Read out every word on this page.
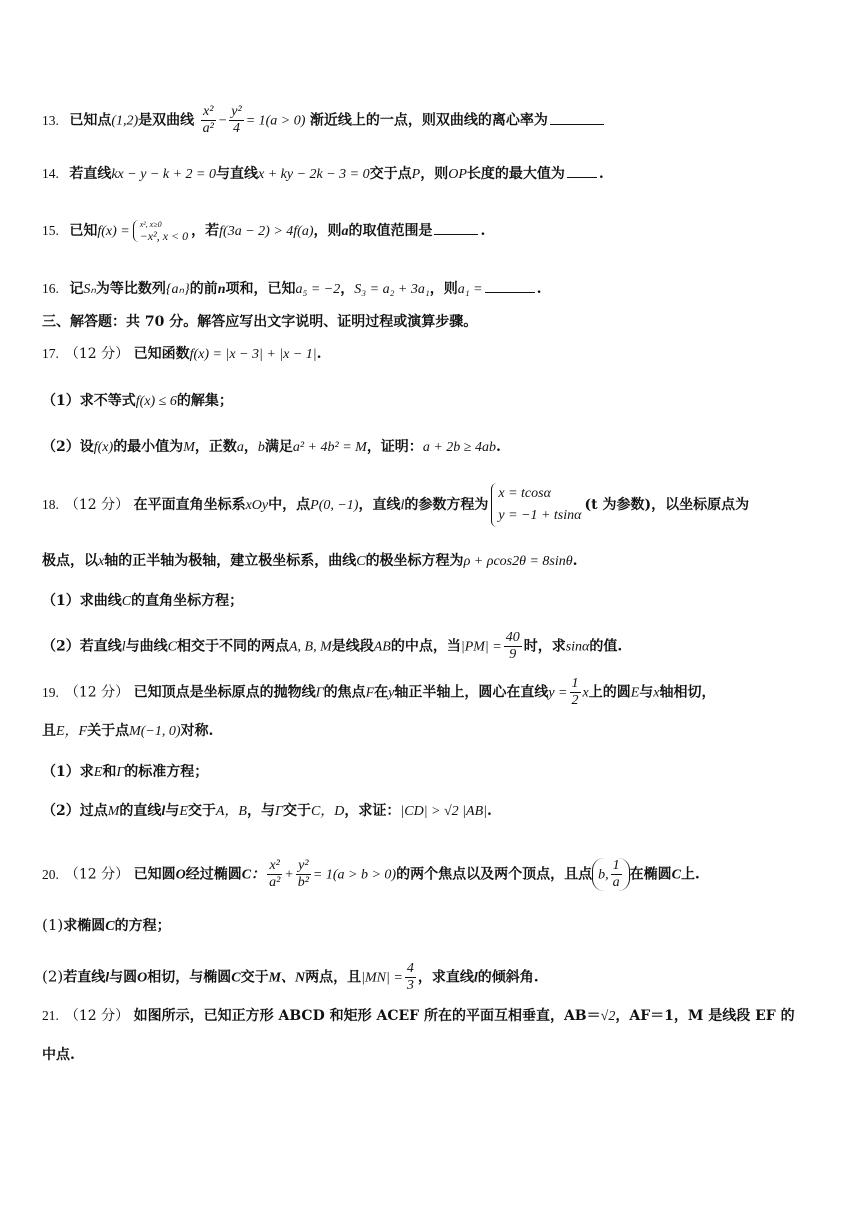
13. 已知点(1,2)是双曲线 $\frac{\text{x²}}{\text{a²}} - \frac{\text{y²}}{4} = 1(a > 0)$ 渐近线上的一点，则双曲线的离心率为
14. 若直线kx − y − k + 2 = 0与直线x + ky − 2k − 3 = 0交于点P，则OP长度的最大值为 .
15. 已知f(x) = x², x≥0
−x², x < 0 ，若f(3a − 2) > 4f(a)，则a的取值范围是	.
16. 记Sₙ为等比数列{aₙ}的前n项和，已知a₅ = −2，S₃ = a₂ + 3a₁，则a₁ =	.
三、解答题：共 70 分。解答应写出文字说明、证明过程或演算步骤。
17. （12 分） 已知函数f(x) = |x − 3| + |x − 1|.
（1）求不等式f(x) ≤ 6的解集；
（2）设f(x)的最小值为M，正数a，b满足a² + 4b² = M，证明：a + 2b ≥ 4ab.
18. （12 分） 在平面直角坐标系xOy中，点P(0, −1)，直线l的参数方程为
x = tcosα
y = −1 + tsinα
(t 为参数)，以坐标原点为
极点，以x轴的正半轴为极轴，建立极坐标系，曲线C的极坐标方程为ρ + ρcos2θ = 8sinθ.
（1）求曲线C的直角坐标方程；
（2）若直线l与曲线C相交于不同的两点A, B, M是线段AB的中点，当$|PM| = \frac{40}{9}$ 时，求sinα的值.
19. （12 分） 已知顶点是坐标原点的抛物线Γ的焦点F在y轴正半轴上，圆心在直线$y = \frac{1}{2}$ x上的圆E与x轴相切，
且E，F关于点M(−1, 0)对称.
（1）求E和Γ的标准方程；
（2）过点M的直线l与E交于A，B，与Γ交于C，D，求证：|CD| > √2 |AB|.
20. （12 分） 已知圆O经过椭圆C： $\frac{\text{x²}}{\text{a²}} + \frac{\text{y²}}{\text{b²}} = 1(a > b > 0)$的两个焦点以及两个顶点，且点 b, $\frac{1}{a}$ 在椭圆C上.
(1)求椭圆C的方程；
(2)若直线l与圆O相切，与椭圆C交于M、N两点，且$|MN| = \frac{4}{3}$ ，求直线l的倾斜角.
21. （12 分） 如图所示，已知正方形 ABCD 和矩形 ACEF 所在的平面互相垂直，AB＝√2，AF＝1，M 是线段 EF 的
中点.
